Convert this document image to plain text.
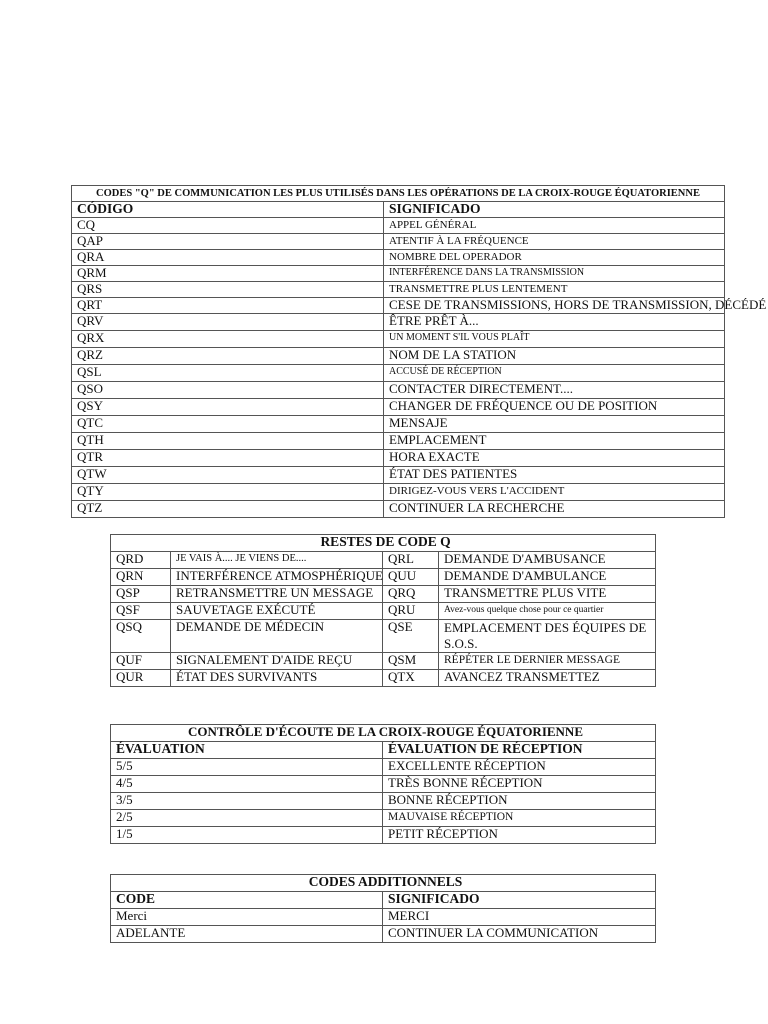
CODES "Q" DE COMMUNICATION LES PLUS UTILISÉS DANS LES OPÉRATIONS DE LA CROIX-ROUGE ÉQUATORIENNE	
CÓDIGO	SIGNIFICADO
CQ	APPEL GÉNÉRAL
QAP	ATENTIF À LA FRÉQUENCE
QRA	NOMBRE DEL OPERADOR
QRM	INTERFÉRENCE DANS LA TRANSMISSION
QRS	TRANSMETTRE PLUS LENTEMENT
QRT	CESE DE TRANSMISSIONS, HORS DE TRANSMISSION, DÉCÉDÉ
QRV	ÊTRE PRÊT À...
QRX	UN MOMENT S'IL VOUS PLAÎT
QRZ	NOM DE LA STATION
QSL	ACCUSÉ DE RÉCEPTION
QSO	CONTACTER DIRECTEMENT....
QSY	CHANGER DE FRÉQUENCE OU DE POSITION
QTC	MENSAJE
QTH	EMPLACEMENT
QTR	HORA EXACTE
QTW	ÉTAT DES PATIENTES
QTY	DIRIGEZ-VOUS VERS L'ACCIDENT
QTZ	CONTINUER LA RECHERCHE
RESTES DE CODE Q			
QRD	JE VAIS À.... JE VIENS DE....	QRL	DEMANDE D'AMBUSANCE
QRN	INTERFÉRENCE ATMOSPHÉRIQUE	QUU	DEMANDE D'AMBULANCE
QSP	RETRANSMETTRE UN MESSAGE	QRQ	TRANSMETTRE PLUS VITE
QSF	SAUVETAGE EXÉCUTÉ	QRU	Avez-vous quelque chose pour ce quartier
QSQ	DEMANDE DE MÉDECIN	QSE	EMPLACEMENT DES ÉQUIPES DE S.O.S.
QUF	SIGNALEMENT D'AIDE REÇU	QSM	RÉPÉTER LE DERNIER MESSAGE
QUR	ÉTAT DES SURVIVANTS	QTX	AVANCEZ TRANSMETTEZ
CONTRÔLE D'ÉCOUTE DE LA CROIX-ROUGE ÉQUATORIENNE	
ÉVALUATION	ÉVALUATION DE RÉCEPTION
5/5	EXCELLENTE RÉCEPTION
4/5	TRÈS BONNE RÉCEPTION
3/5	BONNE RÉCEPTION
2/5	MAUVAISE RÉCEPTION
1/5	PETIT RÉCEPTION
CODES ADDITIONNELS	
CODE	SIGNIFICADO
Merci	MERCI
ADELANTE	CONTINUER LA COMMUNICATION
